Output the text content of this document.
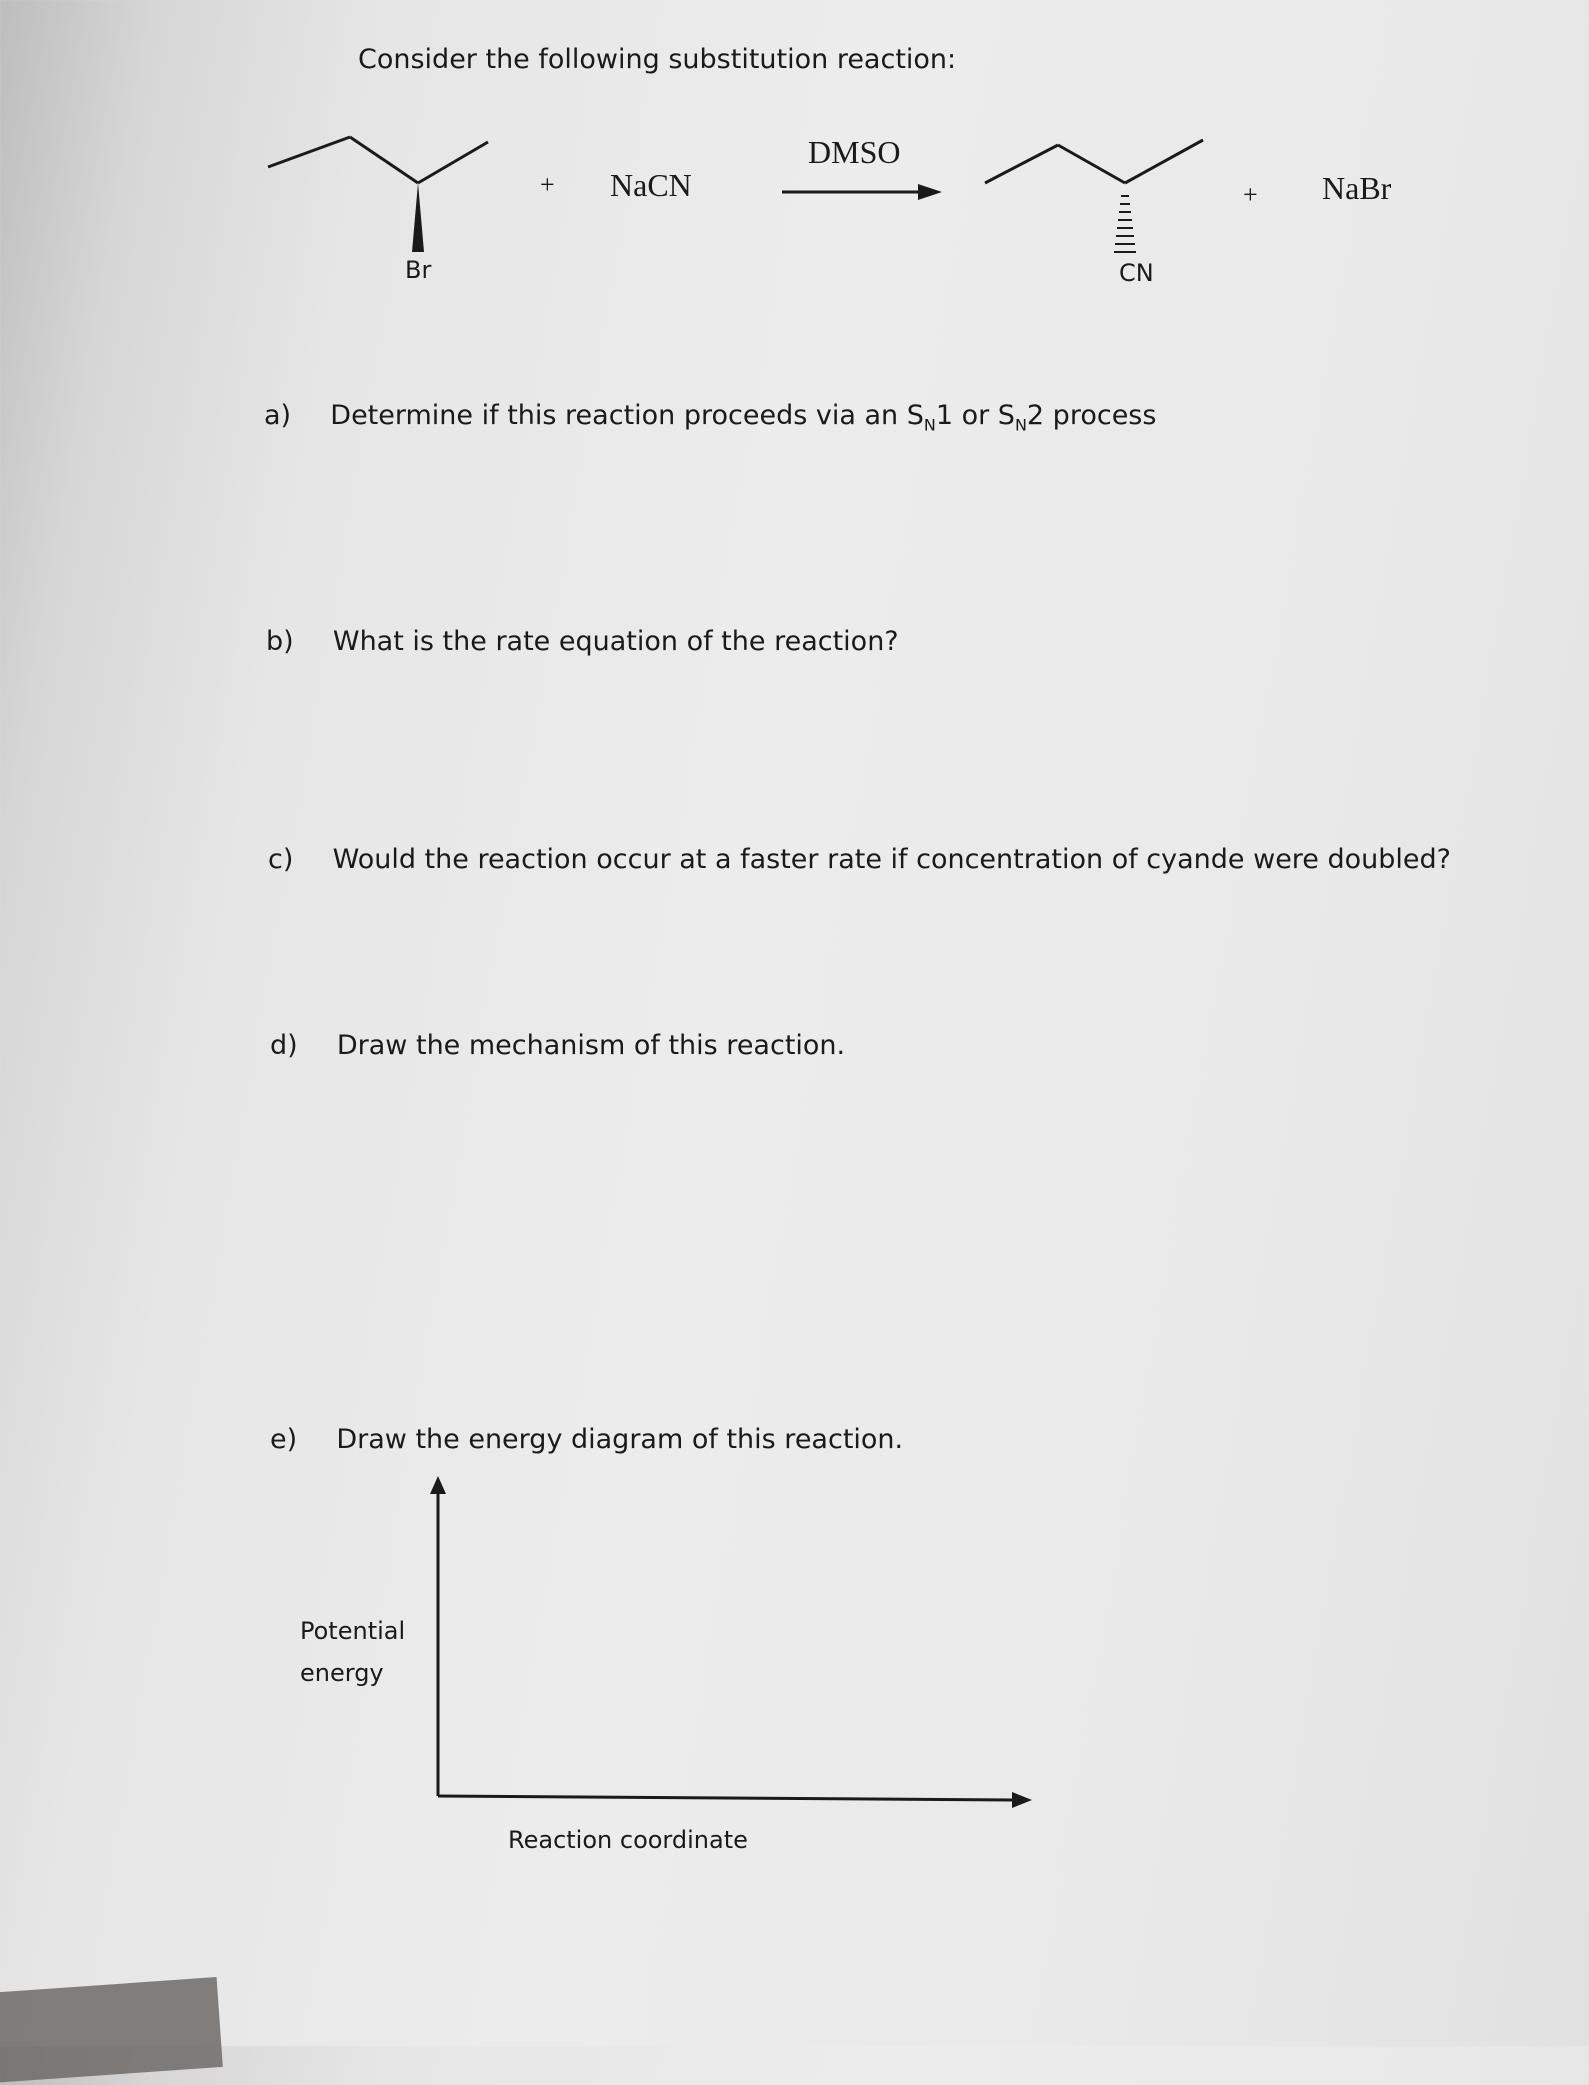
Consider the following substitution reaction:
+ NaCN
DMSO
+ NaBr
Br	CN
a) Determine if this reaction proceeds via an $S_N1$ or $S_N2$ process
b) What is the rate equation of the reaction?
c) Would the reaction occur at a faster rate if concentration of cyande were doubled?
d) Draw the mechanism of this reaction.
e) Draw the energy diagram of this reaction.
Potential
energy
Reaction coordinate
